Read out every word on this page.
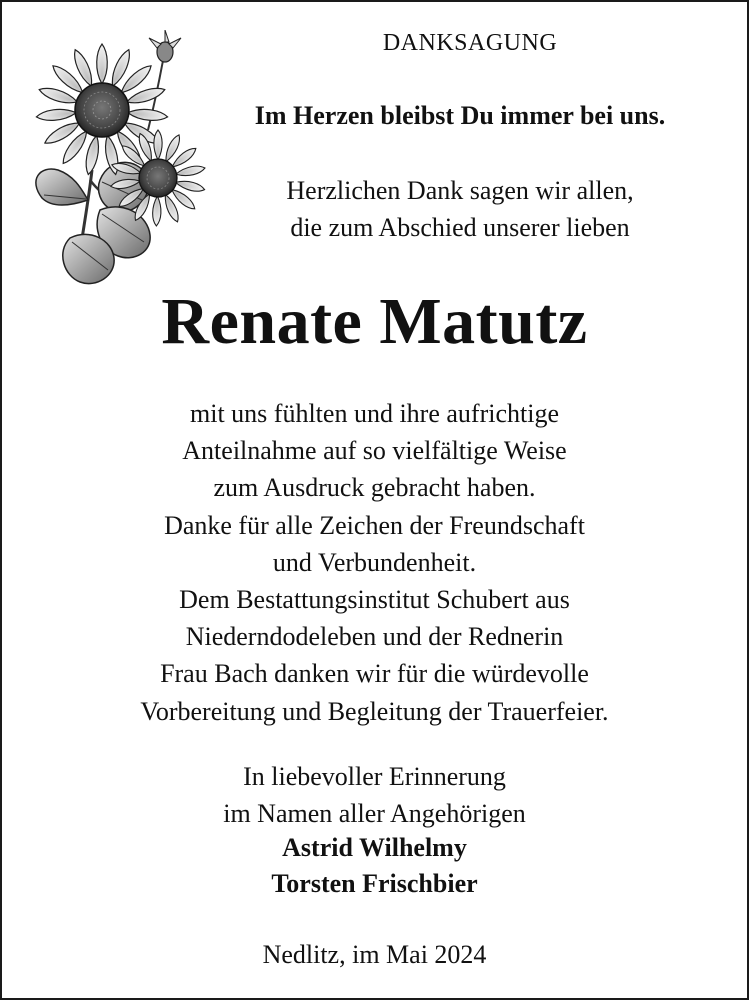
DANKSAGUNG
Im Herzen bleibst Du immer bei uns.
Herzlichen Dank sagen wir allen,
die zum Abschied unserer lieben
Renate Matutz
mit uns fühlten und ihre aufrichtige
Anteilnahme auf so vielfältige Weise
zum Ausdruck gebracht haben.
Danke für alle Zeichen der Freundschaft
und Verbundenheit.
Dem Bestattungsinstitut Schubert aus
Niederndodeleben und der Rednerin
Frau Bach danken wir für die würdevolle
Vorbereitung und Begleitung der Trauerfeier.
In liebevoller Erinnerung
im Namen aller Angehörigen
Astrid Wilhelmy
Torsten Frischbier
Nedlitz, im Mai 2024
